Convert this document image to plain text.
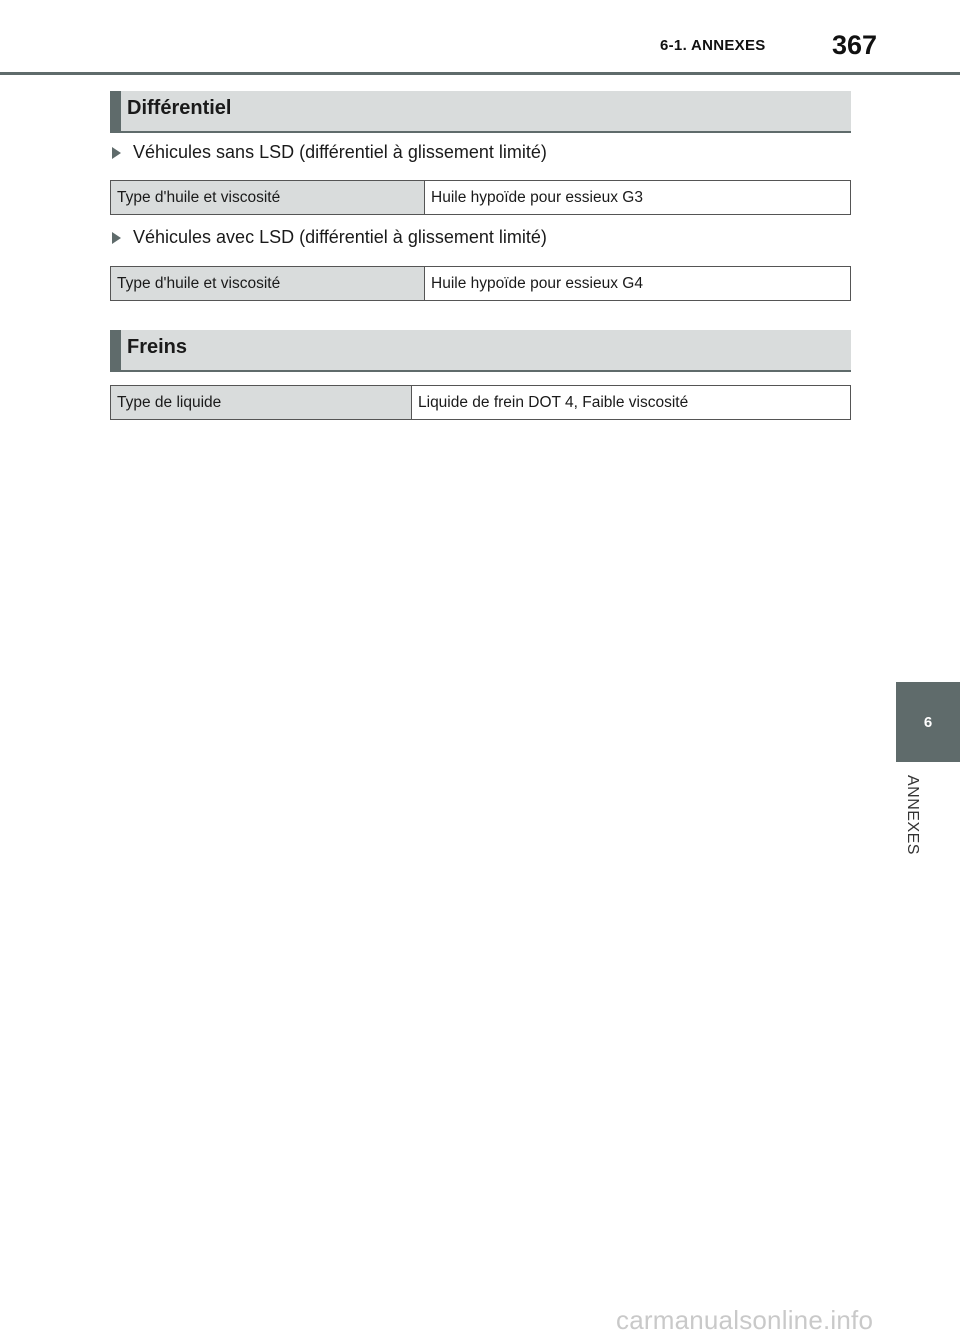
6-1. ANNEXES 367
Différentiel
Véhicules sans LSD (différentiel à glissement limité)
Type d'huile et viscosité	Huile hypoïde pour essieux G3
Véhicules avec LSD (différentiel à glissement limité)
Type d'huile et viscosité	Huile hypoïde pour essieux G4
Freins
Type de liquide	Liquide de frein DOT 4, Faible viscosité
6
ANNEXES
carmanualsonline.info
